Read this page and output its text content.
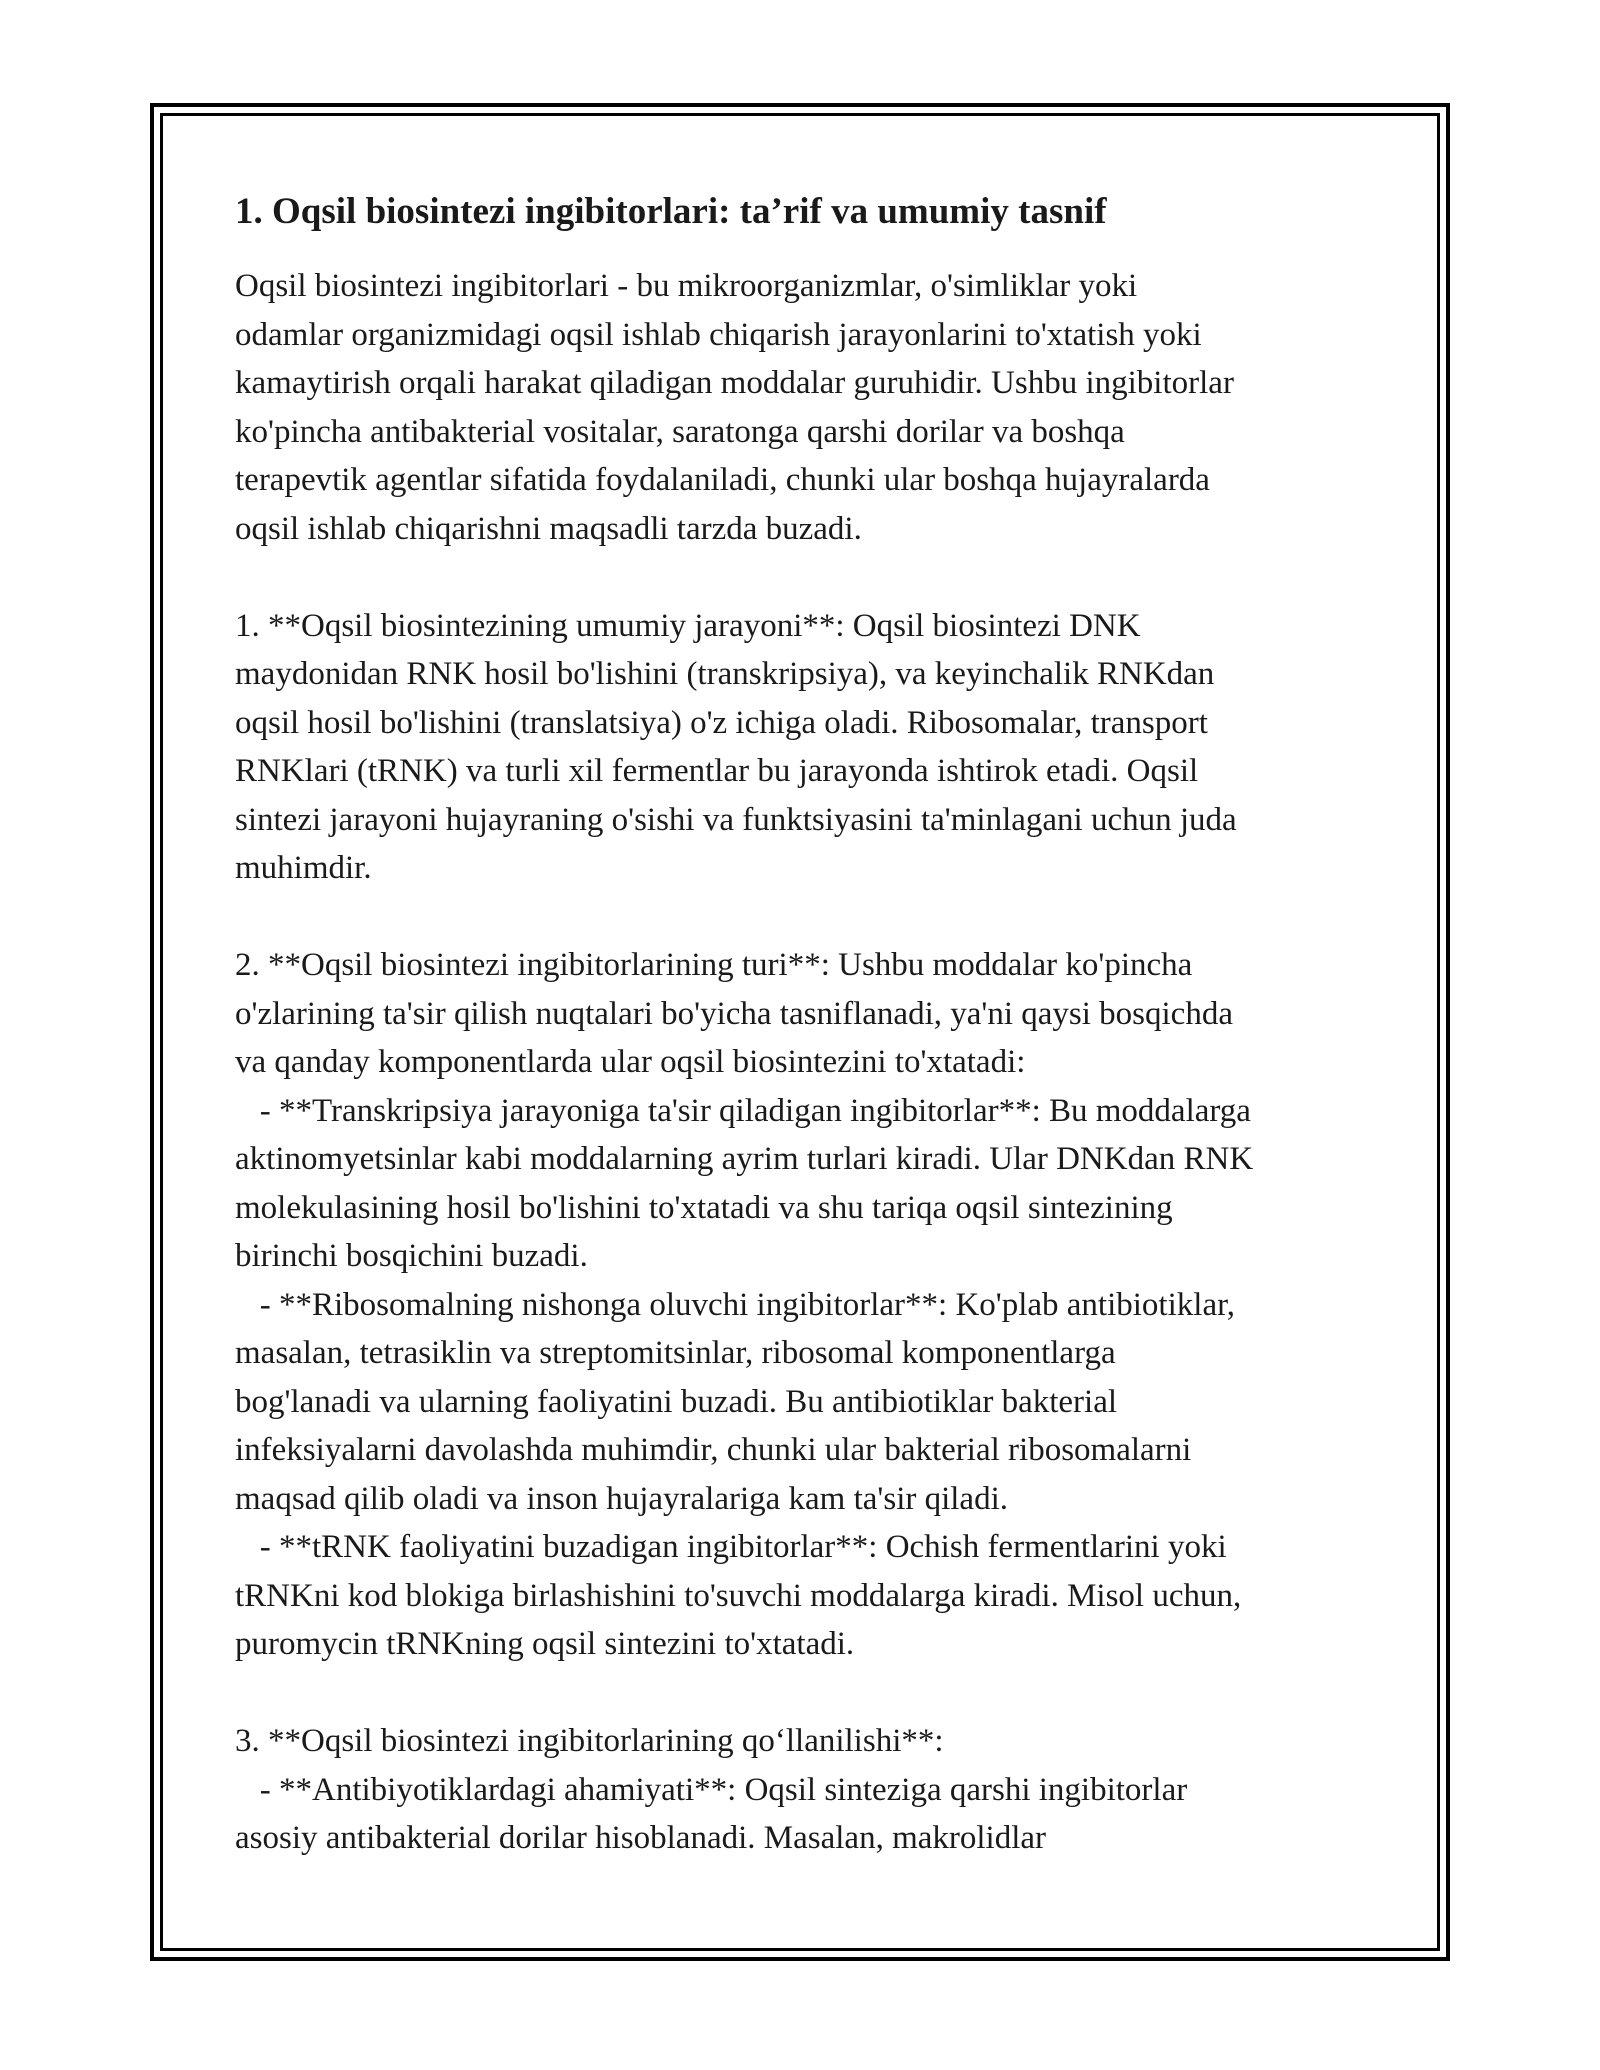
1. Oqsil biosintezi ingibitorlari: ta’rif va umumiy tasnif
Oqsil biosintezi ingibitorlari - bu mikroorganizmlar, o'simliklar yoki
odamlar organizmidagi oqsil ishlab chiqarish jarayonlarini to'xtatish yoki
kamaytirish orqali harakat qiladigan moddalar guruhidir. Ushbu ingibitorlar
ko'pincha antibakterial vositalar, saratonga qarshi dorilar va boshqa
terapevtik agentlar sifatida foydalaniladi, chunki ular boshqa hujayralarda
oqsil ishlab chiqarishni maqsadli tarzda buzadi.
1. **Oqsil biosintezining umumiy jarayoni**: Oqsil biosintezi DNK
maydonidan RNK hosil bo'lishini (transkripsiya), va keyinchalik RNKdan
oqsil hosil bo'lishini (translatsiya) o'z ichiga oladi. Ribosomalar, transport
RNKlari (tRNK) va turli xil fermentlar bu jarayonda ishtirok etadi. Oqsil
sintezi jarayoni hujayraning o'sishi va funktsiyasini ta'minlagani uchun juda
muhimdir.
2. **Oqsil biosintezi ingibitorlarining turi**: Ushbu moddalar ko'pincha
o'zlarining ta'sir qilish nuqtalari bo'yicha tasniflanadi, ya'ni qaysi bosqichda
va qanday komponentlarda ular oqsil biosintezini to'xtatadi:
- **Transkripsiya jarayoniga ta'sir qiladigan ingibitorlar**: Bu moddalarga
aktinomyetsinlar kabi moddalarning ayrim turlari kiradi. Ular DNKdan RNK
molekulasining hosil bo'lishini to'xtatadi va shu tariqa oqsil sintezining
birinchi bosqichini buzadi.
- **Ribosomalning nishonga oluvchi ingibitorlar**: Ko'plab antibiotiklar,
masalan, tetrasiklin va streptomitsinlar, ribosomal komponentlarga
bog'lanadi va ularning faoliyatini buzadi. Bu antibiotiklar bakterial
infeksiyalarni davolashda muhimdir, chunki ular bakterial ribosomalarni
maqsad qilib oladi va inson hujayralariga kam ta'sir qiladi.
- **tRNK faoliyatini buzadigan ingibitorlar**: Ochish fermentlarini yoki
tRNKni kod blokiga birlashishini to'suvchi moddalarga kiradi. Misol uchun,
puromycin tRNKning oqsil sintezini to'xtatadi.
3. **Oqsil biosintezi ingibitorlarining qo‘llanilishi**:
- **Antibiyotiklardagi ahamiyati**: Oqsil sinteziga qarshi ingibitorlar
asosiy antibakterial dorilar hisoblanadi. Masalan, makrolidlar
